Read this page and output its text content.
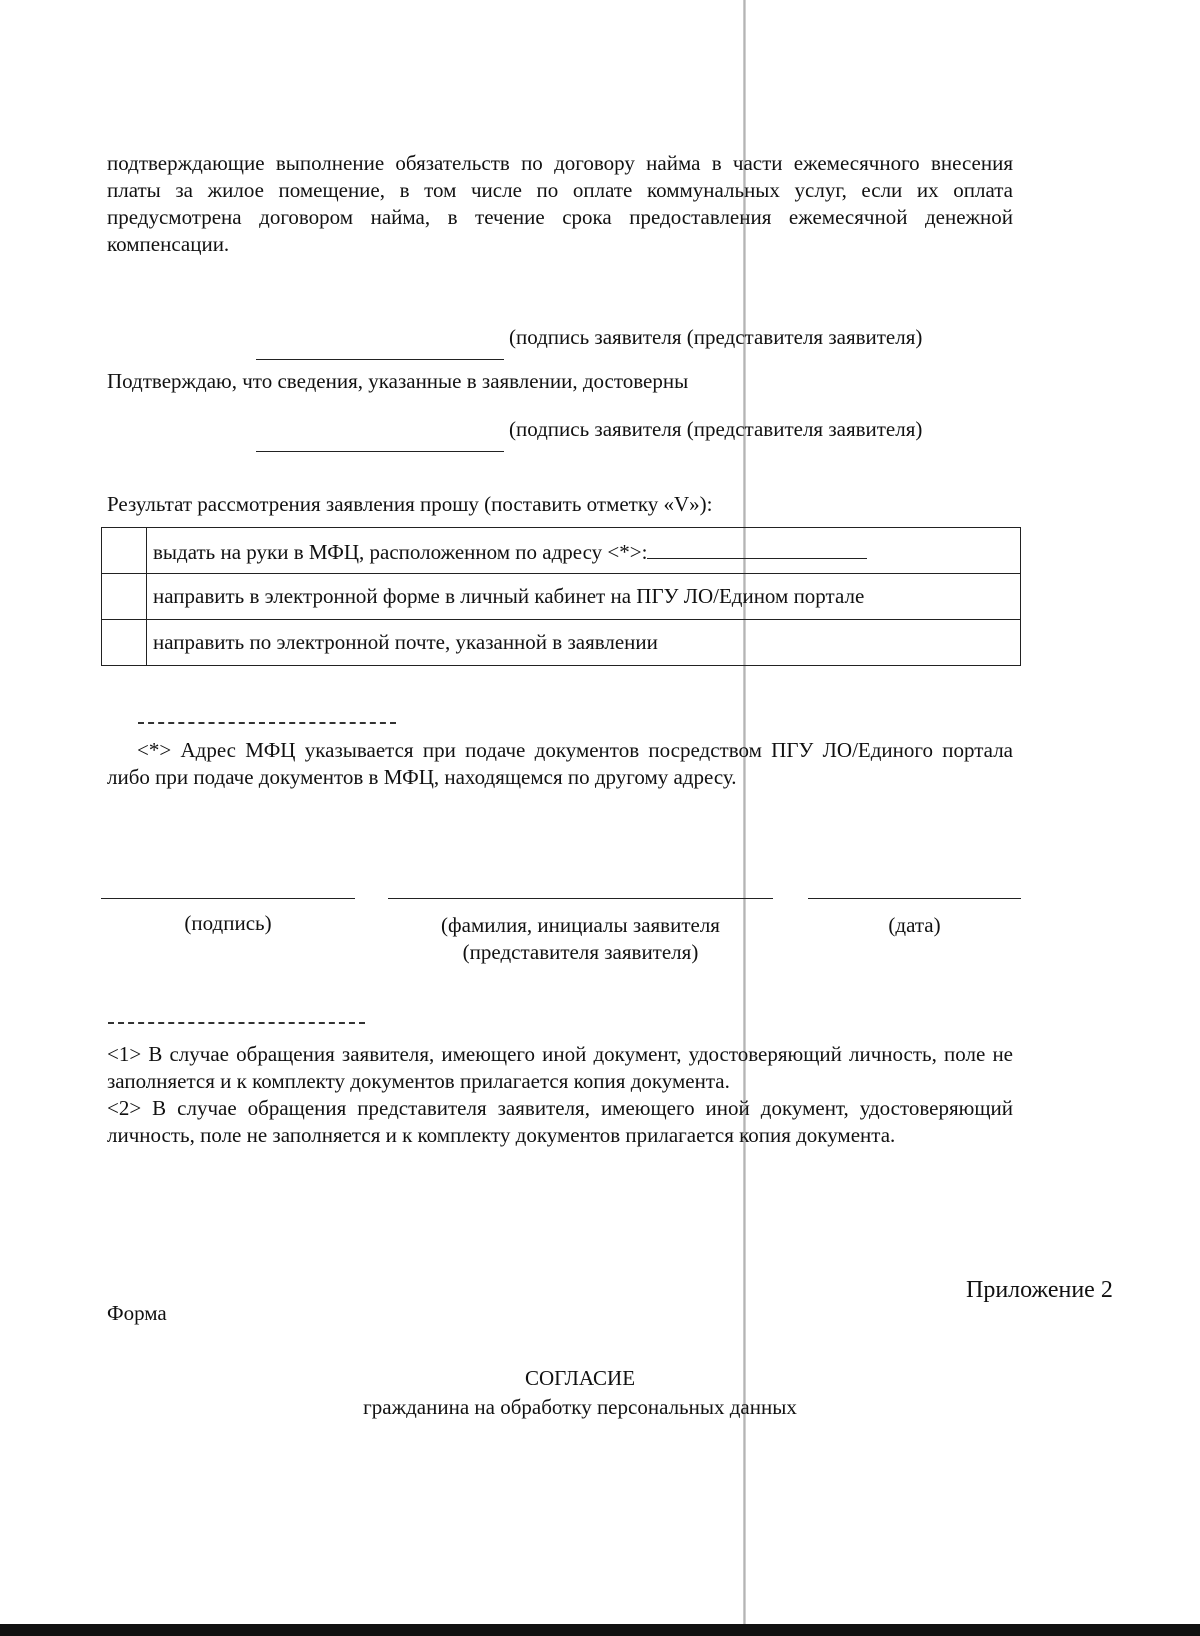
подтверждающие выполнение обязательств по договору найма в части ежемесячного внесения платы за жилое помещение, в том числе по оплате коммунальных услуг, если их оплата предусмотрена договором найма, в течение срока предоставления ежемесячной денежной компенсации.
(подпись заявителя (представителя заявителя)
Подтверждаю, что сведения, указанные в заявлении, достоверны
(подпись заявителя (представителя заявителя)
Результат рассмотрения заявления прошу (поставить отметку «V»):
	выдать на руки в МФЦ, расположенном по адресу <*>:
	направить в электронной форме в личный кабинет на ПГУ ЛО/Едином портале
	направить по электронной почте, указанной в заявлении
<*> Адрес МФЦ указывается при подаче документов посредством ПГУ ЛО/Единого портала либо при подаче документов в МФЦ, находящемся по другому адресу.
(подпись)	(фамилия, инициалы заявителя
(представителя заявителя)
(дата)

<1> В случае обращения заявителя, имеющего иной документ, удостоверяющий личность, поле не заполняется и к комплекту документов прилагается копия документа.

<2> В случае обращения представителя заявителя, имеющего иной документ, удостоверяющий личность, поле не заполняется и к комплекту документов прилагается копия документа.

Приложение 2
Форма
СОГЛАСИЕ
гражданина на обработку персональных данных
